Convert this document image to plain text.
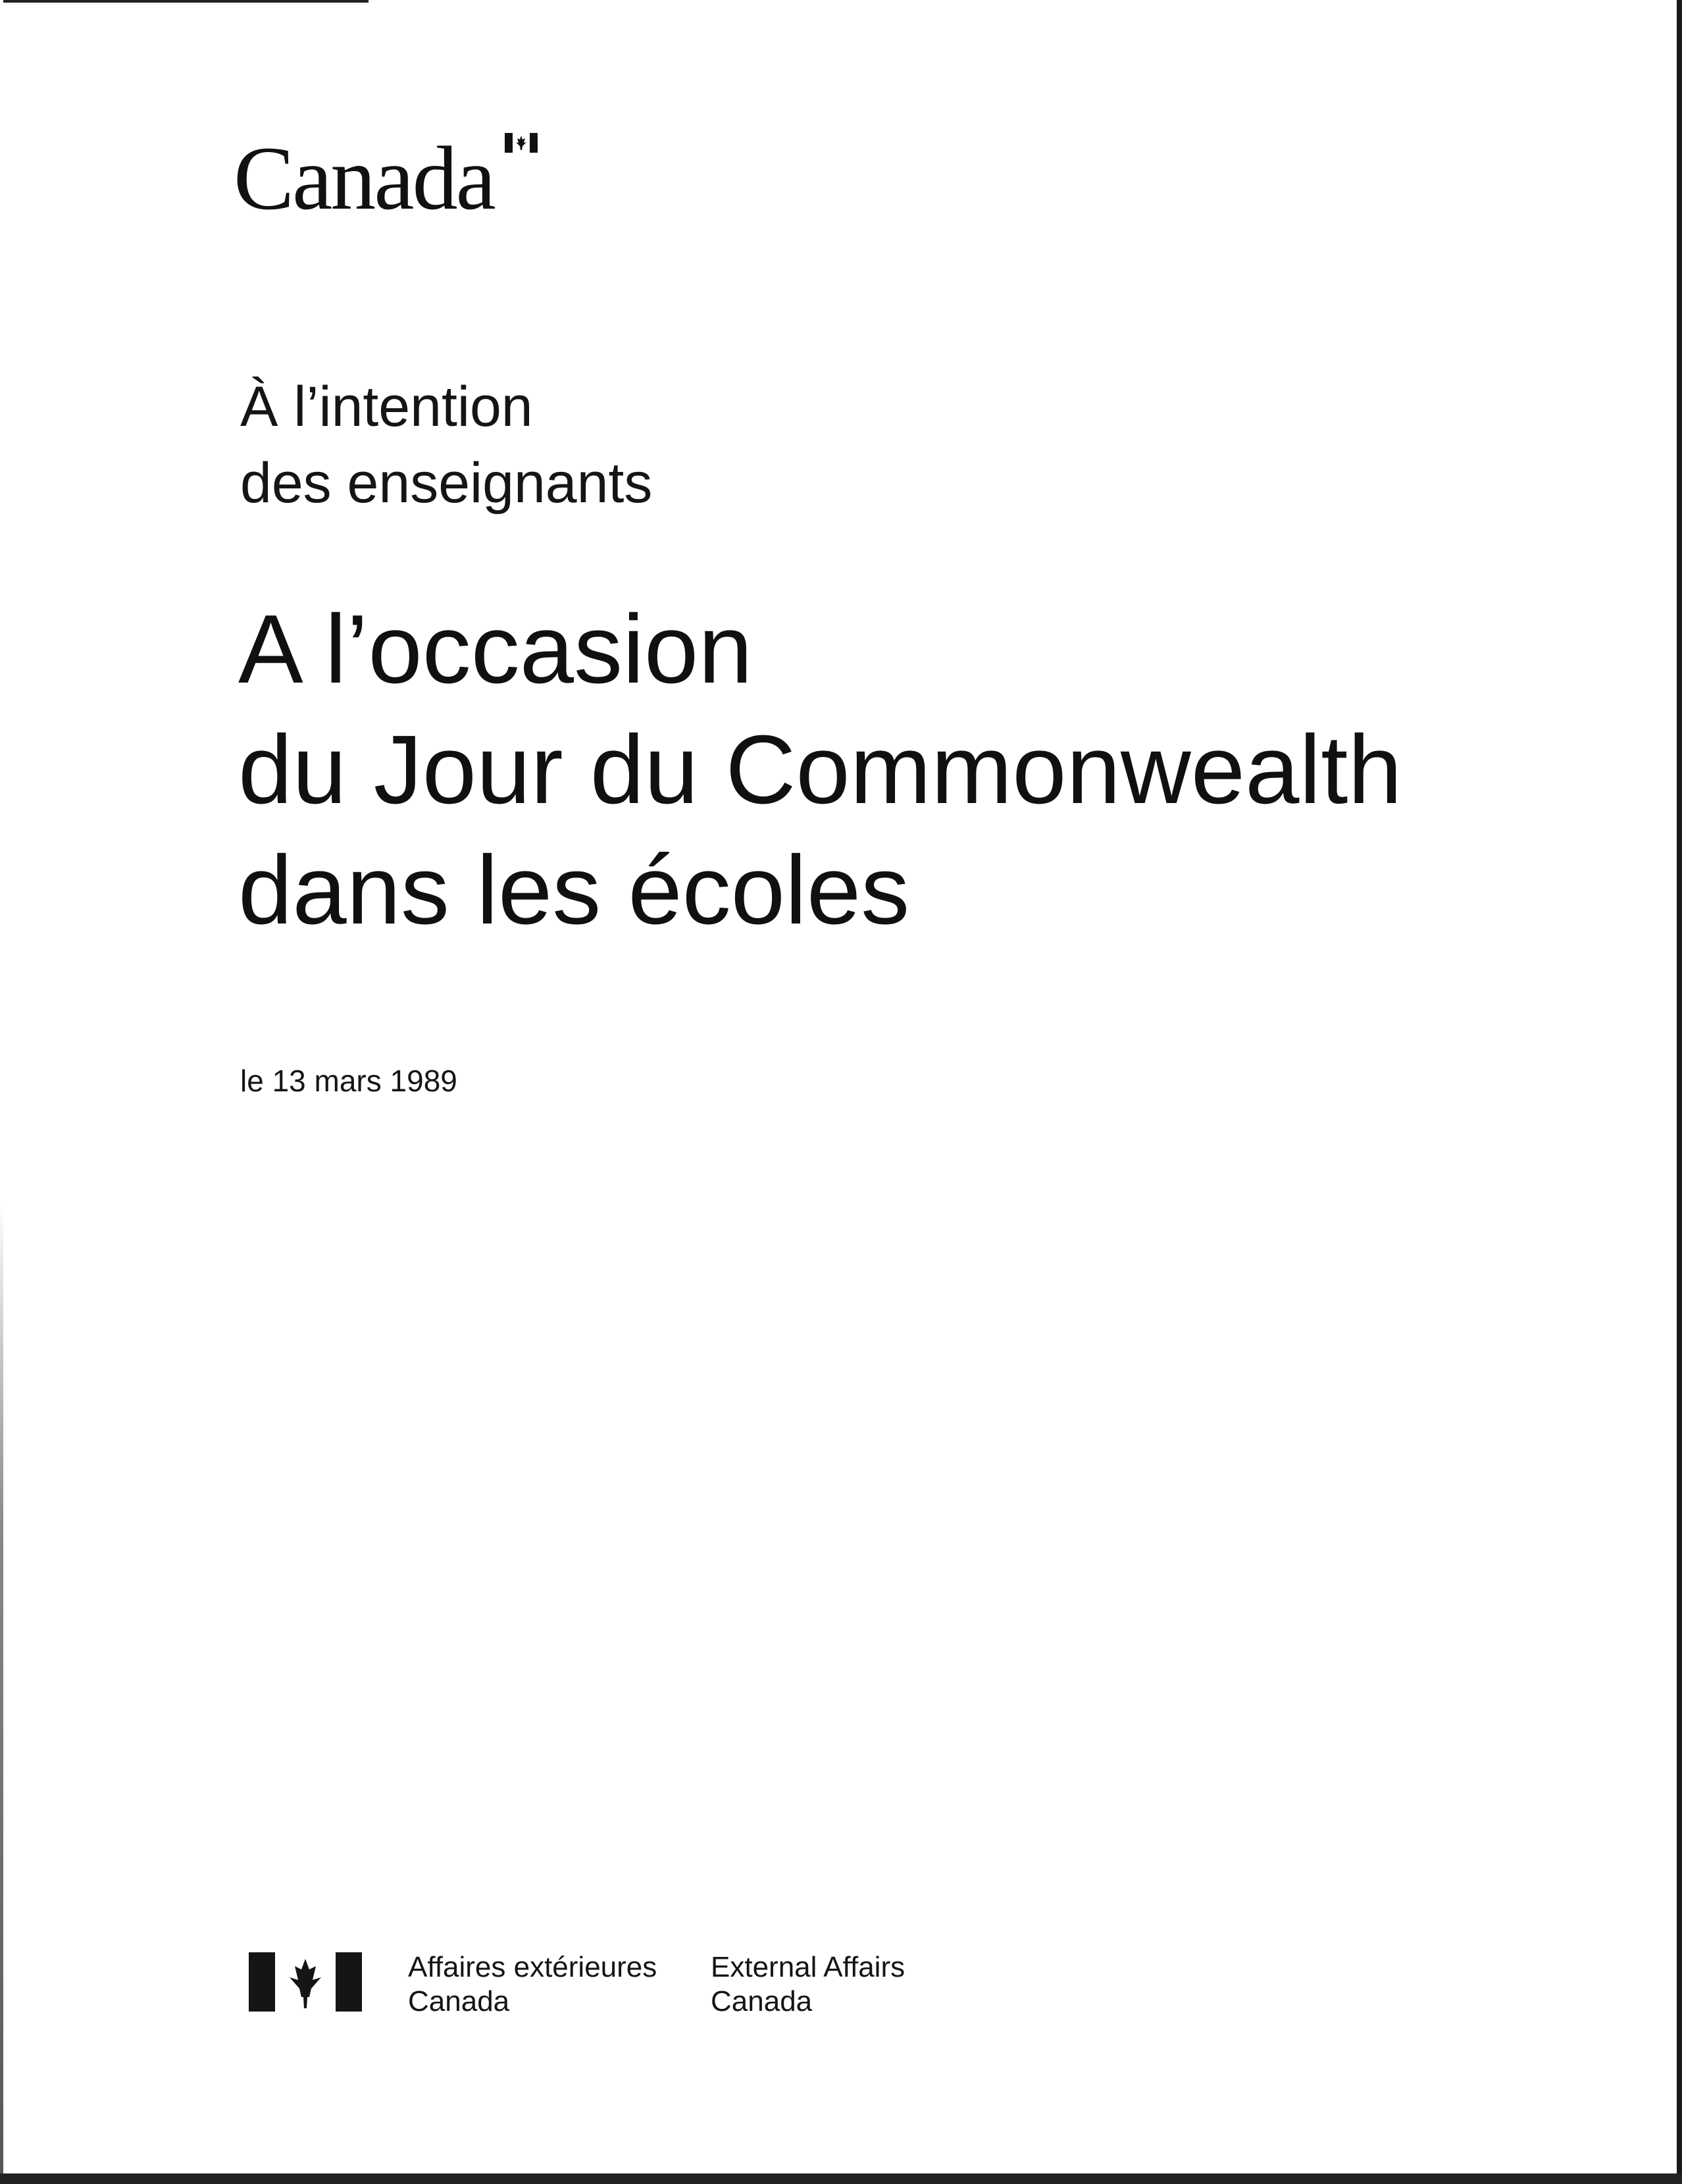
Canada
À l’intention
des enseignants
A l’occasion
du Jour du Commonwealth
dans les écoles
le 13 mars 1989
Affaires extérieures
Canada
External Affairs
Canada
